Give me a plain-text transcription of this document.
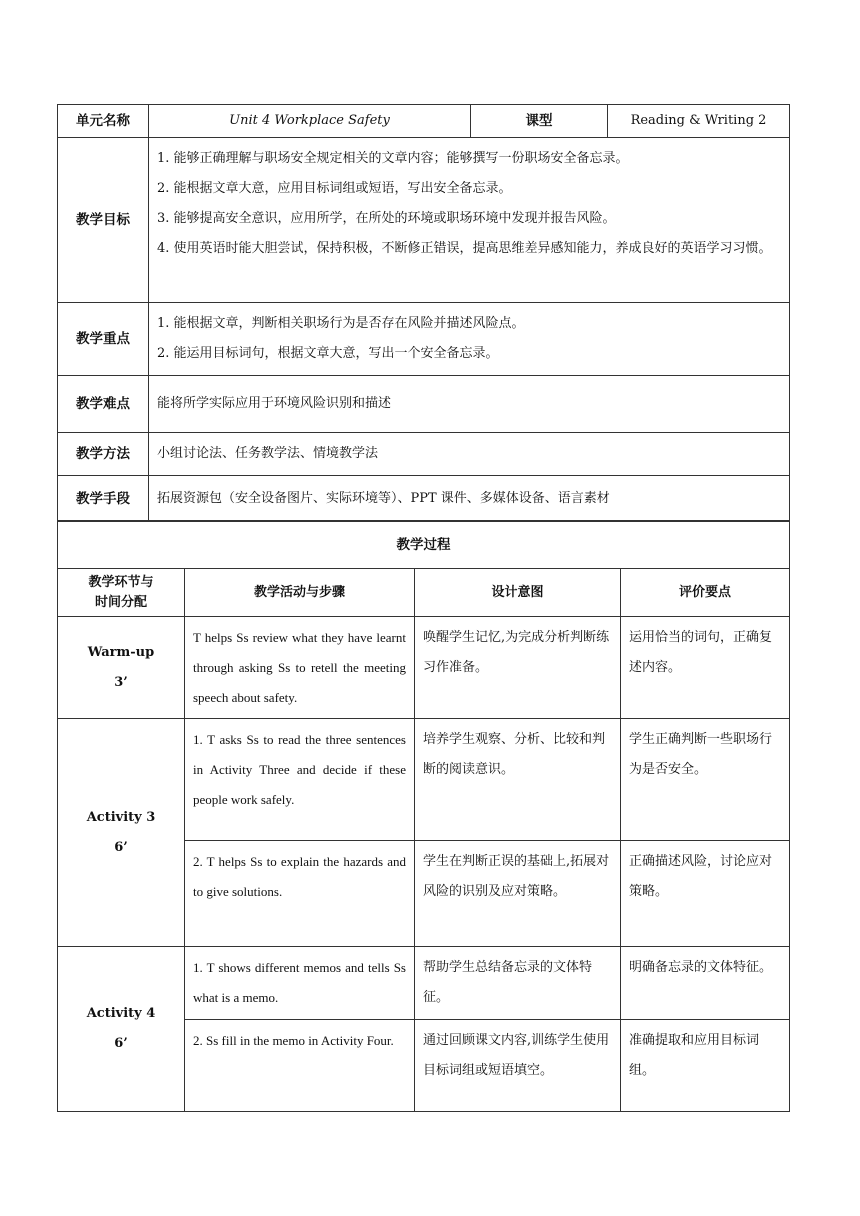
单元名称	Unit 4 Workplace Safety	课型	Reading & Writing 2
教学目标	1. 能够正确理解与职场安全规定相关的文章内容；能够撰写一份职场安全备忘录。
2. 能根据文章大意，应用目标词组或短语，写出安全备忘录。
3. 能够提高安全意识，应用所学，在所处的环境或职场环境中发现并报告风险。
4. 使用英语时能大胆尝试，保持积极，不断修正错误，提高思维差异感知能力，养成良好的英语学习习惯。		

教学重点	1. 能根据文章，判断相关职场行为是否存在风险并描述风险点。
2. 能运用目标词句，根据文章大意，写出一个安全备忘录。		

教学难点	能将所学实际应用于环境风险识别和描述		
教学方法	小组讨论法、任务教学法、情境教学法		
教学手段	拓展资源包（安全设备图片、实际环境等）、PPT 课件、多媒体设备、语言素材		
教学过程			
教学环节与
时间分配	教学活动与步骤	设计意图	评价要点

Warm-up
3’	T helps Ss review what they have learnt through asking Ss to retell the meeting speech about safety.	唤醒学生记忆,为完成分析判断练习作准备。	运用恰当的词句，正确复述内容。

Activity 3
6’	1. T asks Ss to read the three sentences in Activity Three and decide if these people work safely.	培养学生观察、分析、比较和判断的阅读意识。	学生正确判断一些职场行为是否安全。
	2. T helps Ss to explain the hazards and to give solutions.	学生在判断正误的基础上,拓展对风险的识别及应对策略。	正确描述风险，讨论应对策略。

Activity 4
6’	1. T shows different memos and tells Ss what is a memo.	帮助学生总结备忘录的文体特征。	明确备忘录的文体特征。
	2. Ss fill in the memo in Activity Four.	通过回顾课文内容,训练学生使用目标词组或短语填空。	准确提取和应用目标词组。
